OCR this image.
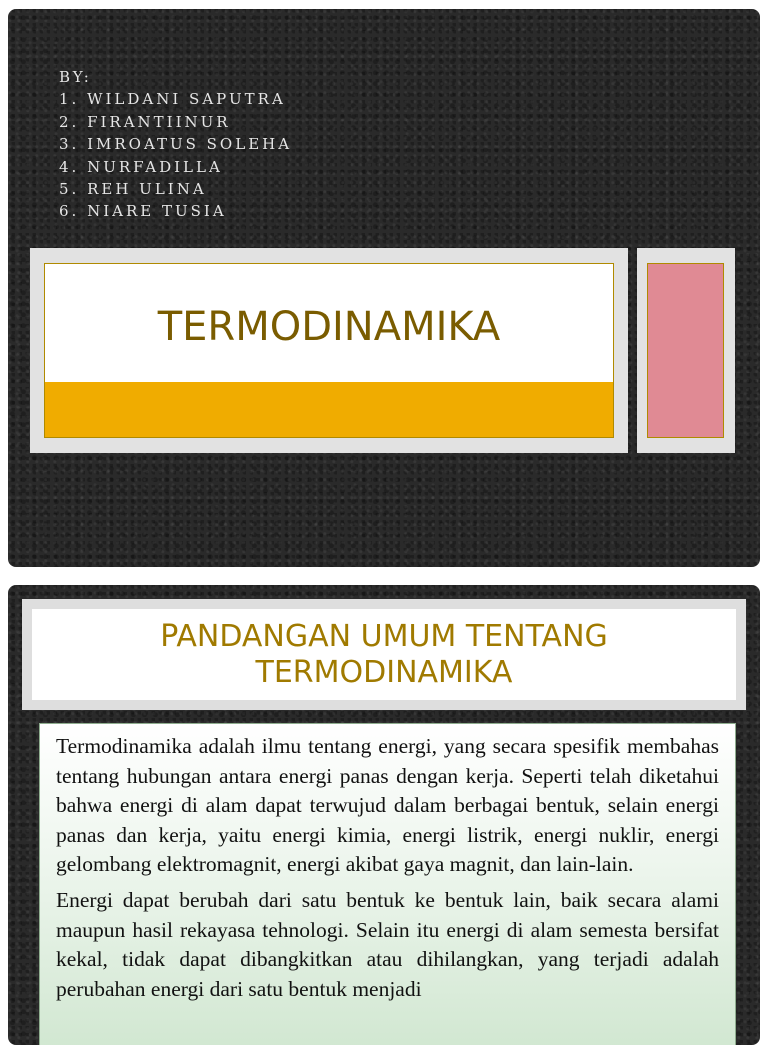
BY:
1. WILDANI SAPUTRA
2. FIRANTIINUR
3. IMROATUS SOLEHA
4. NURFADILLA
5. REH ULINA
6. NIARE TUSIA
TERMODINAMIKA
PANDANGAN UMUM TENTANG
TERMODINAMIKA

Termodinamika adalah ilmu tentang energi, yang secara spesifik membahas tentang hubungan antara energi panas dengan kerja. Seperti telah diketahui bahwa energi di alam dapat terwujud dalam berbagai bentuk, selain energi panas dan kerja, yaitu energi kimia, energi listrik, energi nuklir, energi gelombang elektromagnit, energi akibat gaya magnit, dan lain-lain.

Energi dapat berubah dari satu bentuk ke bentuk lain, baik secara alami maupun hasil rekayasa tehnologi. Selain itu energi di alam semesta bersifat kekal, tidak dapat dibangkitkan atau dihilangkan, yang terjadi adalah perubahan energi dari satu bentuk menjadi
